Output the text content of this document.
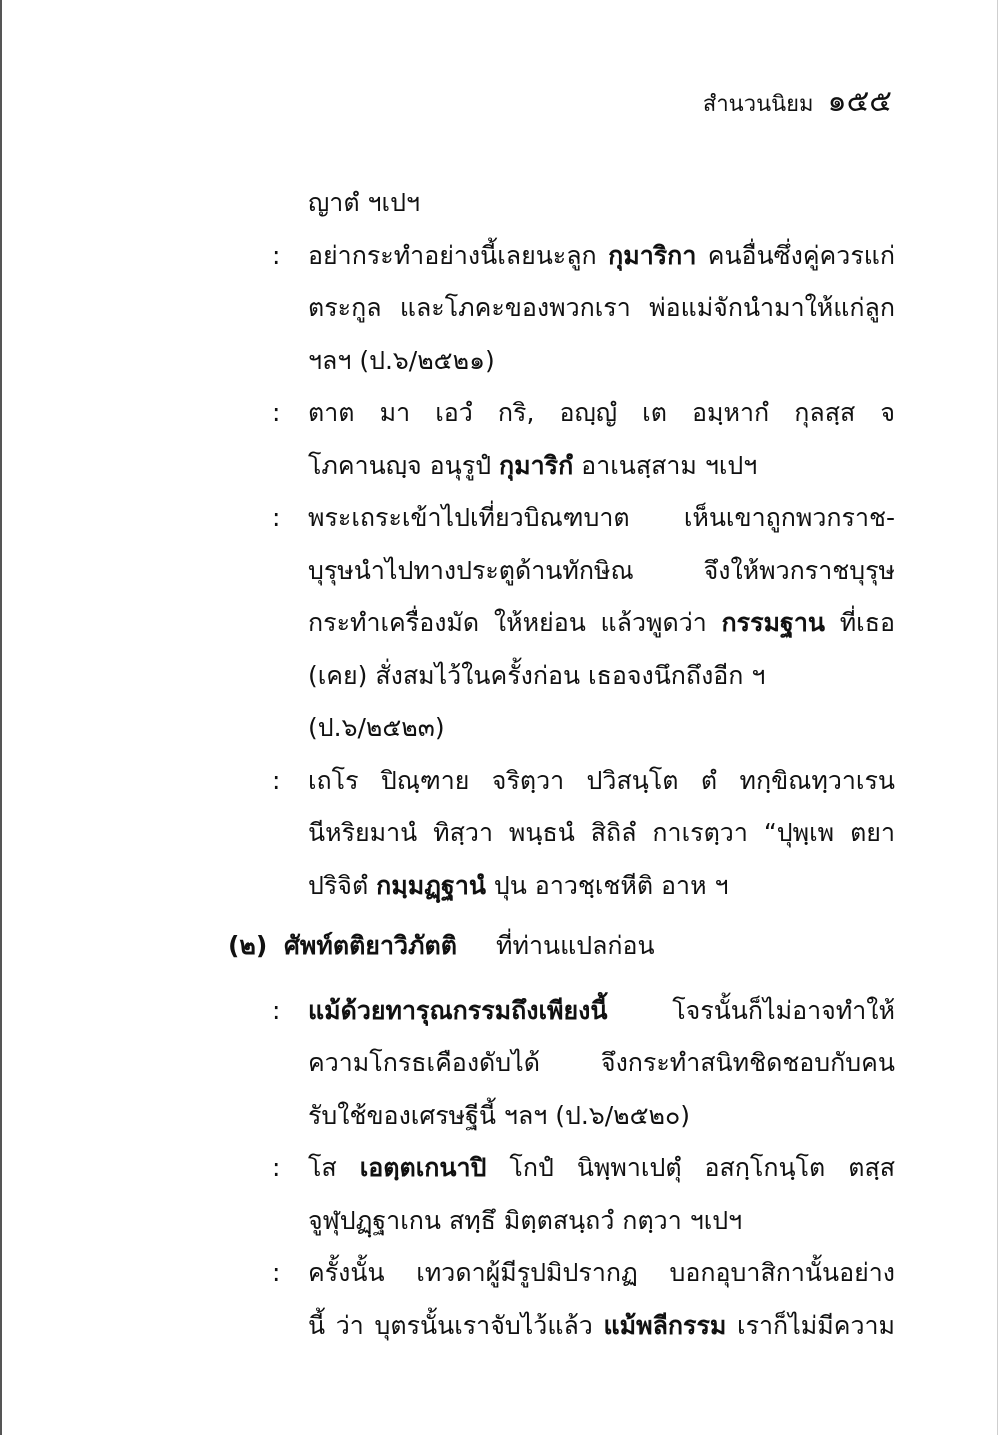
สำนวนนิยม ๑๕๕
ญาตํ ฯเปฯ
: อย่ากระทำอย่างนี้เลยนะลูก กุมาริกา คนอื่นซึ่งคู่ควรแก่
ตระกูล และโภคะของพวกเรา พ่อแม่จักนำมาให้แก่ลูก
ฯลฯ (ป.๖/๒๕๒๑)
: ตาต มา เอวํ กริ, อญฺญํ เต อมฺหากํ กุลสฺส จ
โภคานญฺจ อนุรูปํ กุมาริกํ อาเนสฺสาม ฯเปฯ
: พระเถระเข้าไปเที่ยวบิณฑบาต เห็นเขาถูกพวกราช-
บุรุษนำไปทางประตูด้านทักษิณ จึงให้พวกราชบุรุษ
กระทำเครื่องมัด ให้หย่อน แล้วพูดว่า กรรมฐาน ที่เธอ
(เคย) สั่งสมไว้ในครั้งก่อน เธอจงนึกถึงอีก ฯ
(ป.๖/๒๕๒๓)
: เถโร ปิณฺฑาย จริตฺวา ปวิสนฺโต ตํ ทกฺขิณทฺวาเรน
นีหริยมานํ ทิสฺวา พนฺธนํ สิถิลํ กาเรตฺวา “ปุพฺเพ ตยา
ปริจิตํ กมฺมฏฺฐานํ ปุน อาวชฺเชหีติ อาห ฯ
(๒) ศัพท์ตติยาวิภัตติ ที่ท่านแปลก่อน
: แม้ด้วยทารุณกรรมถึงเพียงนี้ โจรนั้นก็ไม่อาจทำให้
ความโกรธเคืองดับได้ จึงกระทำสนิทชิดชอบกับคน
รับใช้ของเศรษฐีนี้ ฯลฯ (ป.๖/๒๕๒๐)
: โส เอตฺตเกนาปิ โกปํ นิพฺพาเปตุํ อสกฺโกนฺโต ตสฺส
จูฬุปฏฺฐาเกน สทฺธึ มิตฺตสนฺถวํ กตฺวา ฯเปฯ
: ครั้งนั้น เทวดาผู้มีรูปมิปรากฏ บอกอุบาสิกานั้นอย่าง
นี้ ว่า บุตรนั้นเราจับไว้แล้ว แม้พลีกรรม เราก็ไม่มีความ
